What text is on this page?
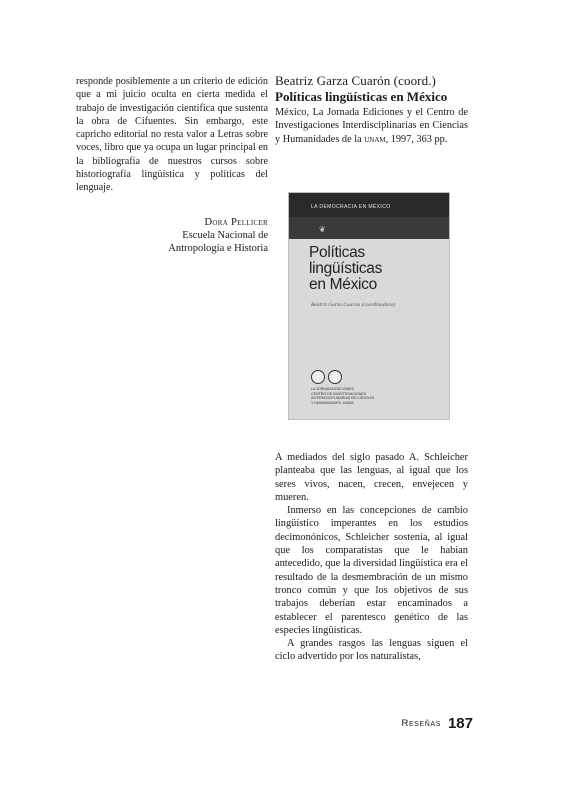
responde posiblemente a un criterio de edición que a mi juicio oculta en cierta medida el trabajo de investigación científica que sustenta la obra de Cifuentes. Sin embargo, este capricho editorial no resta valor a Letras sobre voces, libro que ya ocupa un lugar principal en la bibliografía de nuestros cursos sobre historiografía lingüística y políticas del lenguaje.

Dora Pellicer
Escuela Nacional de
Antropología e Historia
Beatriz Garza Cuarón (coord.)
Políticas lingüísticas en México
México, La Jornada Ediciones y el Centro de Investigaciones Interdisciplinarias en Ciencias y Humanidades de la unam, 1997, 363 pp.
LA DEMOCRACIA EN MÉXICO
❦
Políticas
lingüísticas
en México
Beatriz Garza Cuarón (coordinadora)
LA JORNADA EDICIONES
CENTRO DE INVESTIGACIONES
INTERDISCIPLINARIAS EN CIENCIAS
Y HUMANIDADES, UNAM

A mediados del siglo pasado A. Schleicher planteaba que las lenguas, al igual que los seres vivos, nacen, crecen, envejecen y mueren.

Inmerso en las concepciones de cambio lingüístico imperantes en los estudios decimonónicos, Schleicher sostenía, al igual que los comparatistas que le habían antecedido, que la diversidad lingüística era el resultado de la desmembración de un mismo tronco común y que los objetivos de sus trabajos deberían estar encaminados a establecer el parentesco genético de las especies lingüísticas.

A grandes rasgos las lenguas siguen el ciclo advertido por los naturalistas,

Reseñas 187
